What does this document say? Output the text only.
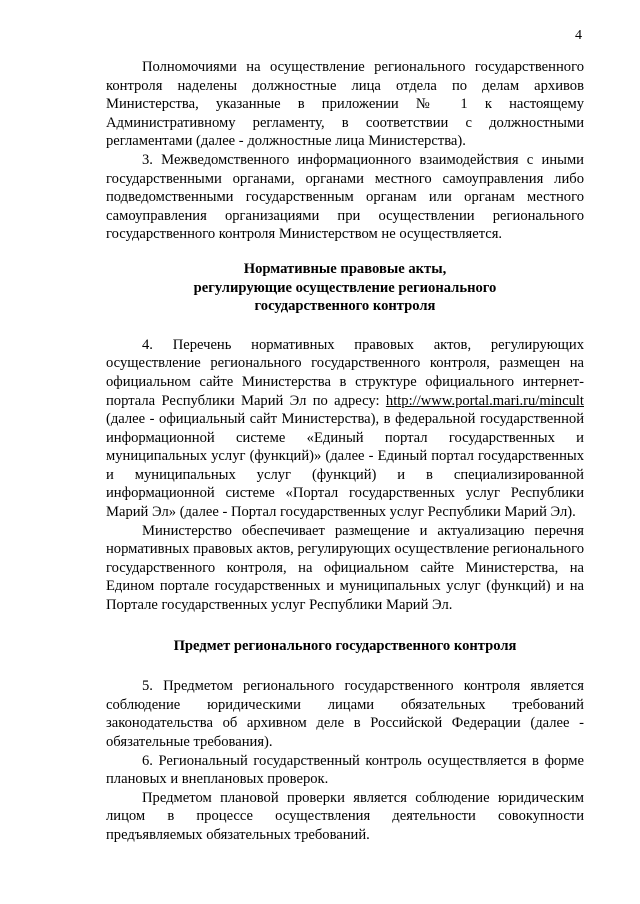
4

Полномочиями на осуществление регионального государственного контроля наделены должностные лица отдела по делам архивов Министерства, указанные в приложении № 1 к настоящему Административному регламенту, в соответствии с должностными регламентами (далее - должностные лица Министерства).

3. Межведомственного информационного взаимодействия с иными государственными органами, органами местного самоуправления либо подведомственными государственным органам или органам местного самоуправления организациями при осуществлении регионального государственного контроля Министерством не осуществляется.

Нормативные правовые акты,
регулирующие осуществление регионального
государственного контроля

4. Перечень нормативных правовых актов, регулирующих осуществление регионального государственного контроля, размещен на официальном сайте Министерства в структуре официального интернет-портала Республики Марий Эл по адресу: http://www.portal.mari.ru/mincult (далее - официальный сайт Министерства), в федеральной государственной информационной системе «Единый портал государственных и муниципальных услуг (функций)» (далее - Единый портал государственных и муниципальных услуг (функций) и в специализированной информационной системе «Портал государственных услуг Республики Марий Эл» (далее - Портал государственных услуг Республики Марий Эл).

Министерство обеспечивает размещение и актуализацию перечня нормативных правовых актов, регулирующих осуществление регионального государственного контроля, на официальном сайте Министерства, на Едином портале государственных и муниципальных услуг (функций) и на Портале государственных услуг Республики Марий Эл.

Предмет регионального государственного контроля

5. Предметом регионального государственного контроля является соблюдение юридическими лицами обязательных требований законодательства об архивном деле в Российской Федерации (далее - обязательные требования).

6. Региональный государственный контроль осуществляется в форме плановых и внеплановых проверок.

Предметом плановой проверки является соблюдение юридическим лицом в процессе осуществления деятельности совокупности предъявляемых обязательных требований.
